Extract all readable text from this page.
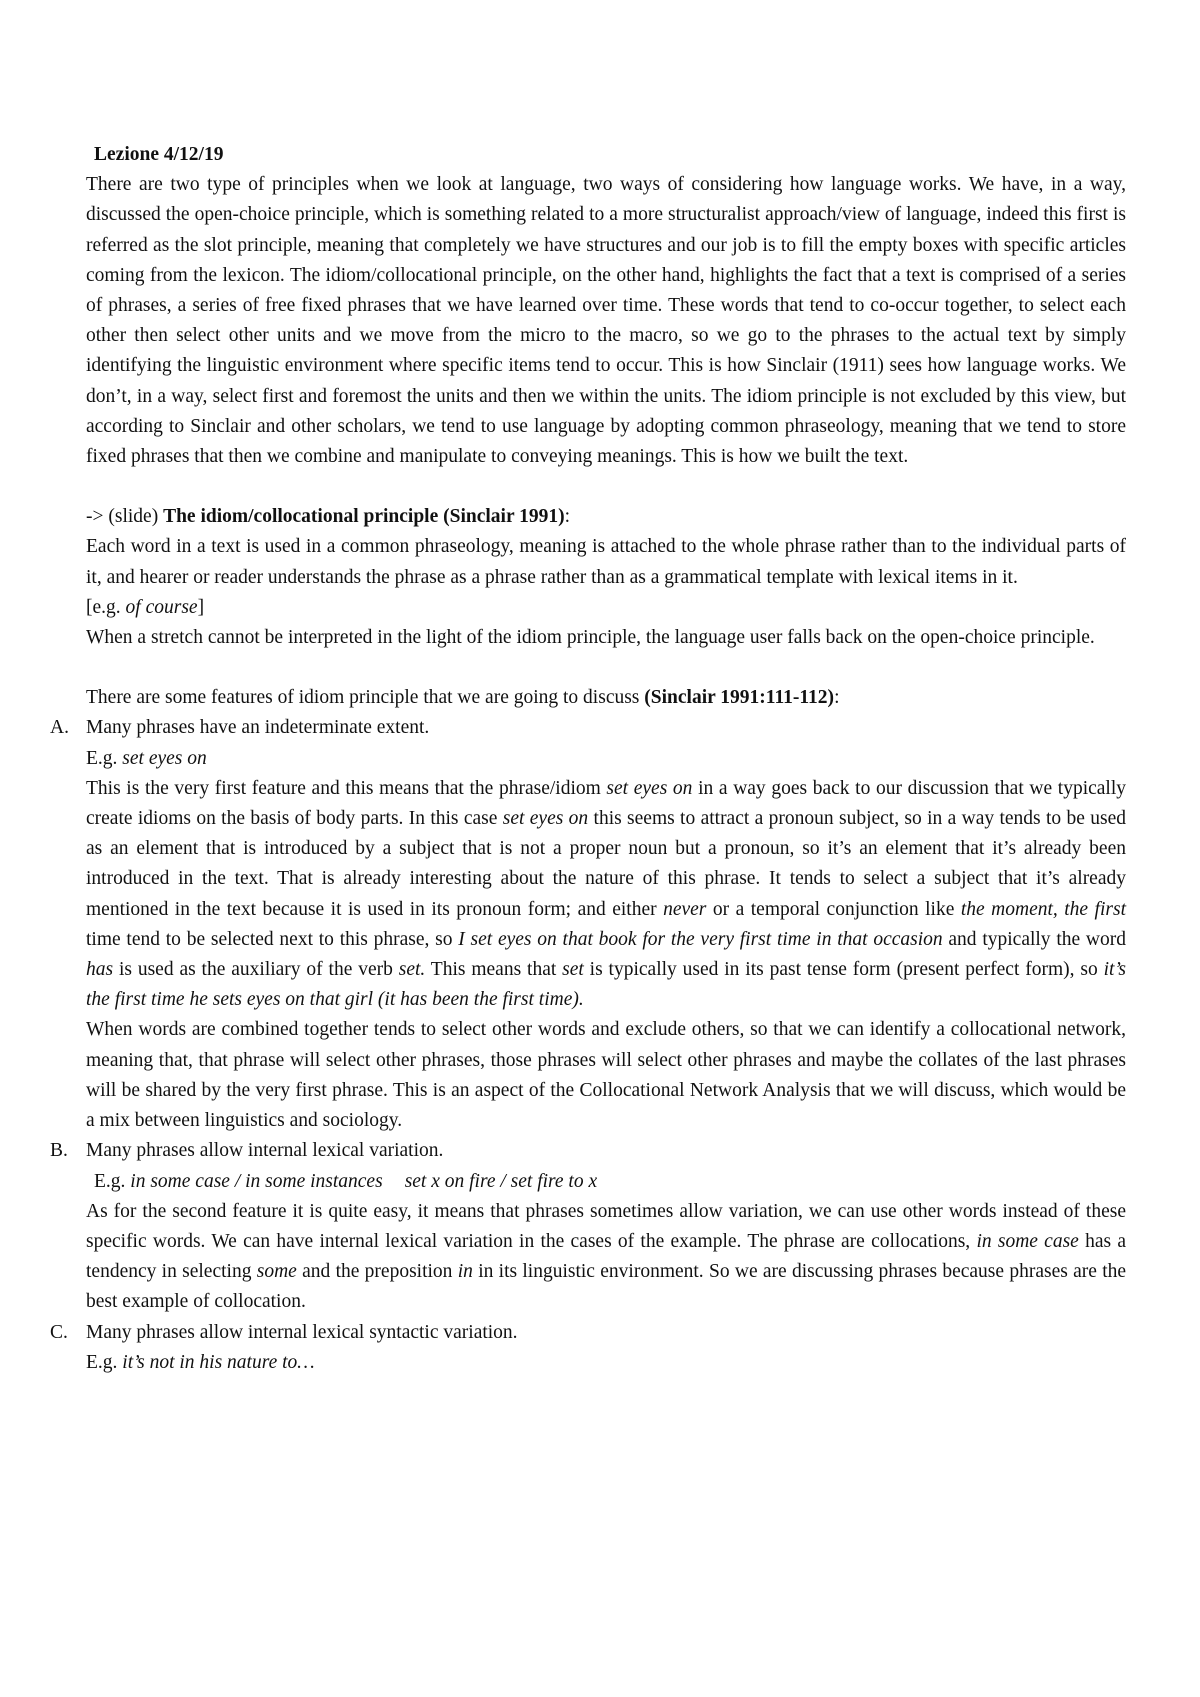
Lezione 4/12/19

There are two type of principles when we look at language, two ways of considering how language works. We have, in a way, discussed the open-choice principle, which is something related to a more structuralist approach/view of language, indeed this first is referred as the slot principle, meaning that completely we have structures and our job is to fill the empty boxes with specific articles coming from the lexicon. The idiom/collocational principle, on the other hand, highlights the fact that a text is comprised of a series of phrases, a series of free fixed phrases that we have learned over time. These words that tend to co-occur together, to select each other then select other units and we move from the micro to the macro, so we go to the phrases to the actual text by simply identifying the linguistic environment where specific items tend to occur. This is how Sinclair (1911) sees how language works. We don’t, in a way, select first and foremost the units and then we within the units. The idiom principle is not excluded by this view, but according to Sinclair and other scholars, we tend to use language by adopting common phraseology, meaning that we tend to store fixed phrases that then we combine and manipulate to conveying meanings. This is how we built the text.

-> (slide) The idiom/collocational principle (Sinclair 1991):

Each word in a text is used in a common phraseology, meaning is attached to the whole phrase rather than to the individual parts of it, and hearer or reader understands the phrase as a phrase rather than as a grammatical template with lexical items in it.

[e.g. of course]

When a stretch cannot be interpreted in the light of the idiom principle, the language user falls back on the open-choice principle.

There are some features of idiom principle that we are going to discuss (Sinclair 1991:111-112):

A. Many phrases have an indeterminate extent.

E.g. set eyes on

This is the very first feature and this means that the phrase/idiom set eyes on in a way goes back to our discussion that we typically create idioms on the basis of body parts. In this case set eyes on this seems to attract a pronoun subject, so in a way tends to be used as an element that is introduced by a subject that is not a proper noun but a pronoun, so it’s an element that it’s already been introduced in the text. That is already interesting about the nature of this phrase. It tends to select a subject that it’s already mentioned in the text because it is used in its pronoun form; and either never or a temporal conjunction like the moment, the first time tend to be selected next to this phrase, so I set eyes on that book for the very first time in that occasion and typically the word has is used as the auxiliary of the verb set. This means that set is typically used in its past tense form (present perfect form), so it’s the first time he sets eyes on that girl (it has been the first time).

When words are combined together tends to select other words and exclude others, so that we can identify a collocational network, meaning that, that phrase will select other phrases, those phrases will select other phrases and maybe the collates of the last phrases will be shared by the very first phrase. This is an aspect of the Collocational Network Analysis that we will discuss, which would be a mix between linguistics and sociology.

B. Many phrases allow internal lexical variation.

E.g. in some case / in some instances set x on fire / set fire to x

As for the second feature it is quite easy, it means that phrases sometimes allow variation, we can use other words instead of these specific words. We can have internal lexical variation in the cases of the example. The phrase are collocations, in some case has a tendency in selecting some and the preposition in in its linguistic environment. So we are discussing phrases because phrases are the best example of collocation.

C. Many phrases allow internal lexical syntactic variation.

E.g. it’s not in his nature to…
